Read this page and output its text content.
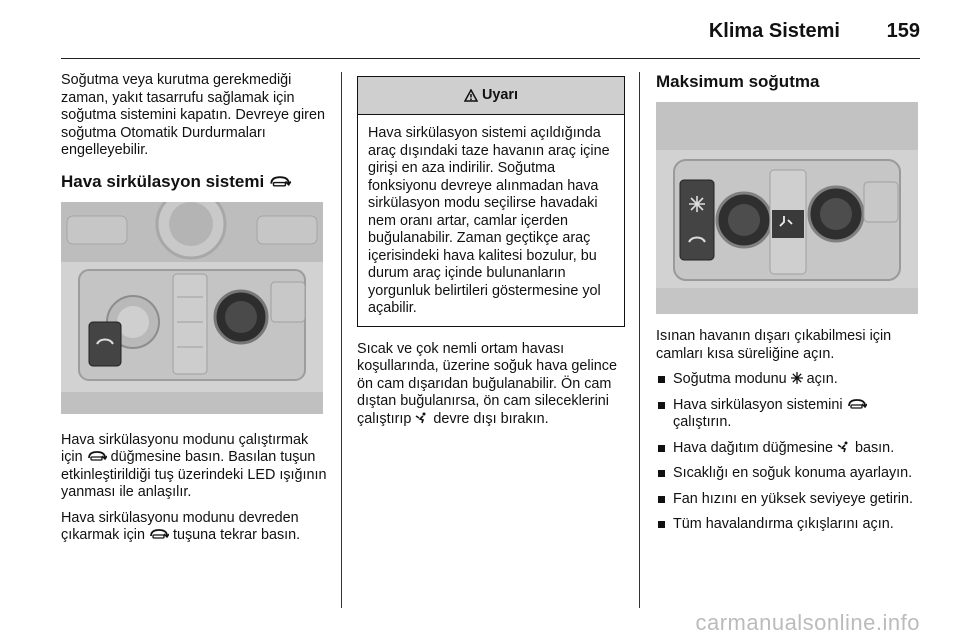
Klima Sistemi 159

Soğutma veya kurutma gerekmediği zaman, yakıt tasarrufu sağlamak için soğutma sistemini kapatın. Devreye giren soğutma Otomatik Durdurmaları engelleyebilir.

Hava sirkülasyon sistemi

Hava sirkülasyonu modunu çalıştırmak için düğmesine basın. Basılan tuşun etkinleştirildiği tuş üzerindeki LED ışığının yanması ile anlaşılır.

Hava sirkülasyonu modunu devreden çıkarmak için tuşuna tekrar basın.

Uyarı
Hava sirkülasyon sistemi açıldığında araç dışındaki taze havanın araç içine girişi en aza indirilir. Soğutma fonksiyonu devreye alınmadan hava sirkülasyon modu seçilirse havadaki nem oranı artar, camlar içerden buğulanabilir. Zaman geçtikçe araç içerisindeki hava kalitesi bozulur, bu durum araç içinde bulunanların yorgunluk belirtileri göstermesine yol açabilir.

Sıcak ve çok nemli ortam havası koşullarında, üzerine soğuk hava gelince ön cam dışarıdan buğulanabilir. Ön cam dıştan buğulanırsa, ön cam sileceklerini çalıştırıp devre dışı bırakın.

Maksimum soğutma

Isınan havanın dışarı çıkabilmesi için camları kısa süreliğine açın.

Soğutma modunu açın.
Hava sirkülasyon sistemini
çalıştırın.
Hava dağıtım düğmesine basın.
Sıcaklığı en soğuk konuma ayarlayın.
Fan hızını en yüksek seviyeye getirin.
Tüm havalandırma çıkışlarını açın.
carmanualsonline.info
